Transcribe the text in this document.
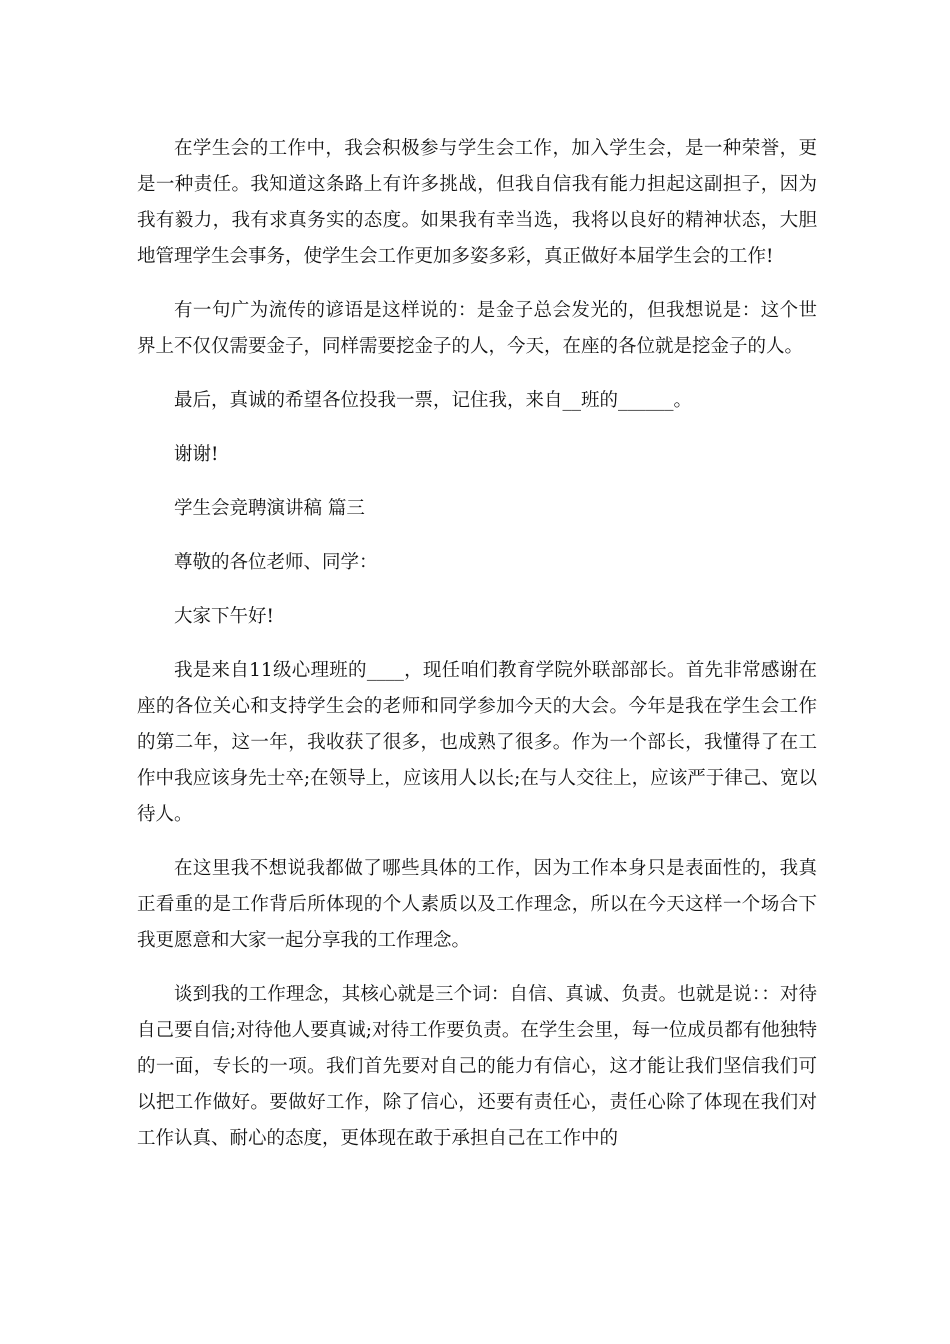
在学生会的工作中，我会积极参与学生会工作，加入学生会，是一种荣誉，更是一种责任。我知道这条路上有许多挑战，但我自信我有能力担起这副担子，因为我有毅力，我有求真务实的态度。如果我有幸当选，我将以良好的精神状态，大胆地管理学生会事务，使学生会工作更加多姿多彩，真正做好本届学生会的工作!

有一句广为流传的谚语是这样说的：是金子总会发光的，但我想说是：这个世界上不仅仅需要金子，同样需要挖金子的人，今天，在座的各位就是挖金子的人。

最后，真诚的希望各位投我一票，记住我，来自__班的______。

谢谢!

学生会竞聘演讲稿 篇三

尊敬的各位老师、同学：

大家下午好!

我是来自11级心理班的____，现任咱们教育学院外联部部长。首先非常感谢在座的各位关心和支持学生会的老师和同学参加今天的大会。今年是我在学生会工作的第二年，这一年，我收获了很多，也成熟了很多。作为一个部长，我懂得了在工作中我应该身先士卒;在领导上，应该用人以长;在与人交往上，应该严于律己、宽以待人。

在这里我不想说我都做了哪些具体的工作，因为工作本身只是表面性的，我真正看重的是工作背后所体现的个人素质以及工作理念，所以在今天这样一个场合下我更愿意和大家一起分享我的工作理念。

谈到我的工作理念，其核心就是三个词：自信、真诚、负责。也就是说：：对待自己要自信;对待他人要真诚;对待工作要负责。在学生会里，每一位成员都有他独特的一面，专长的一项。我们首先要对自己的能力有信心，这才能让我们坚信我们可以把工作做好。要做好工作，除了信心，还要有责任心，责任心除了体现在我们对工作认真、耐心的态度，更体现在敢于承担自己在工作中的
